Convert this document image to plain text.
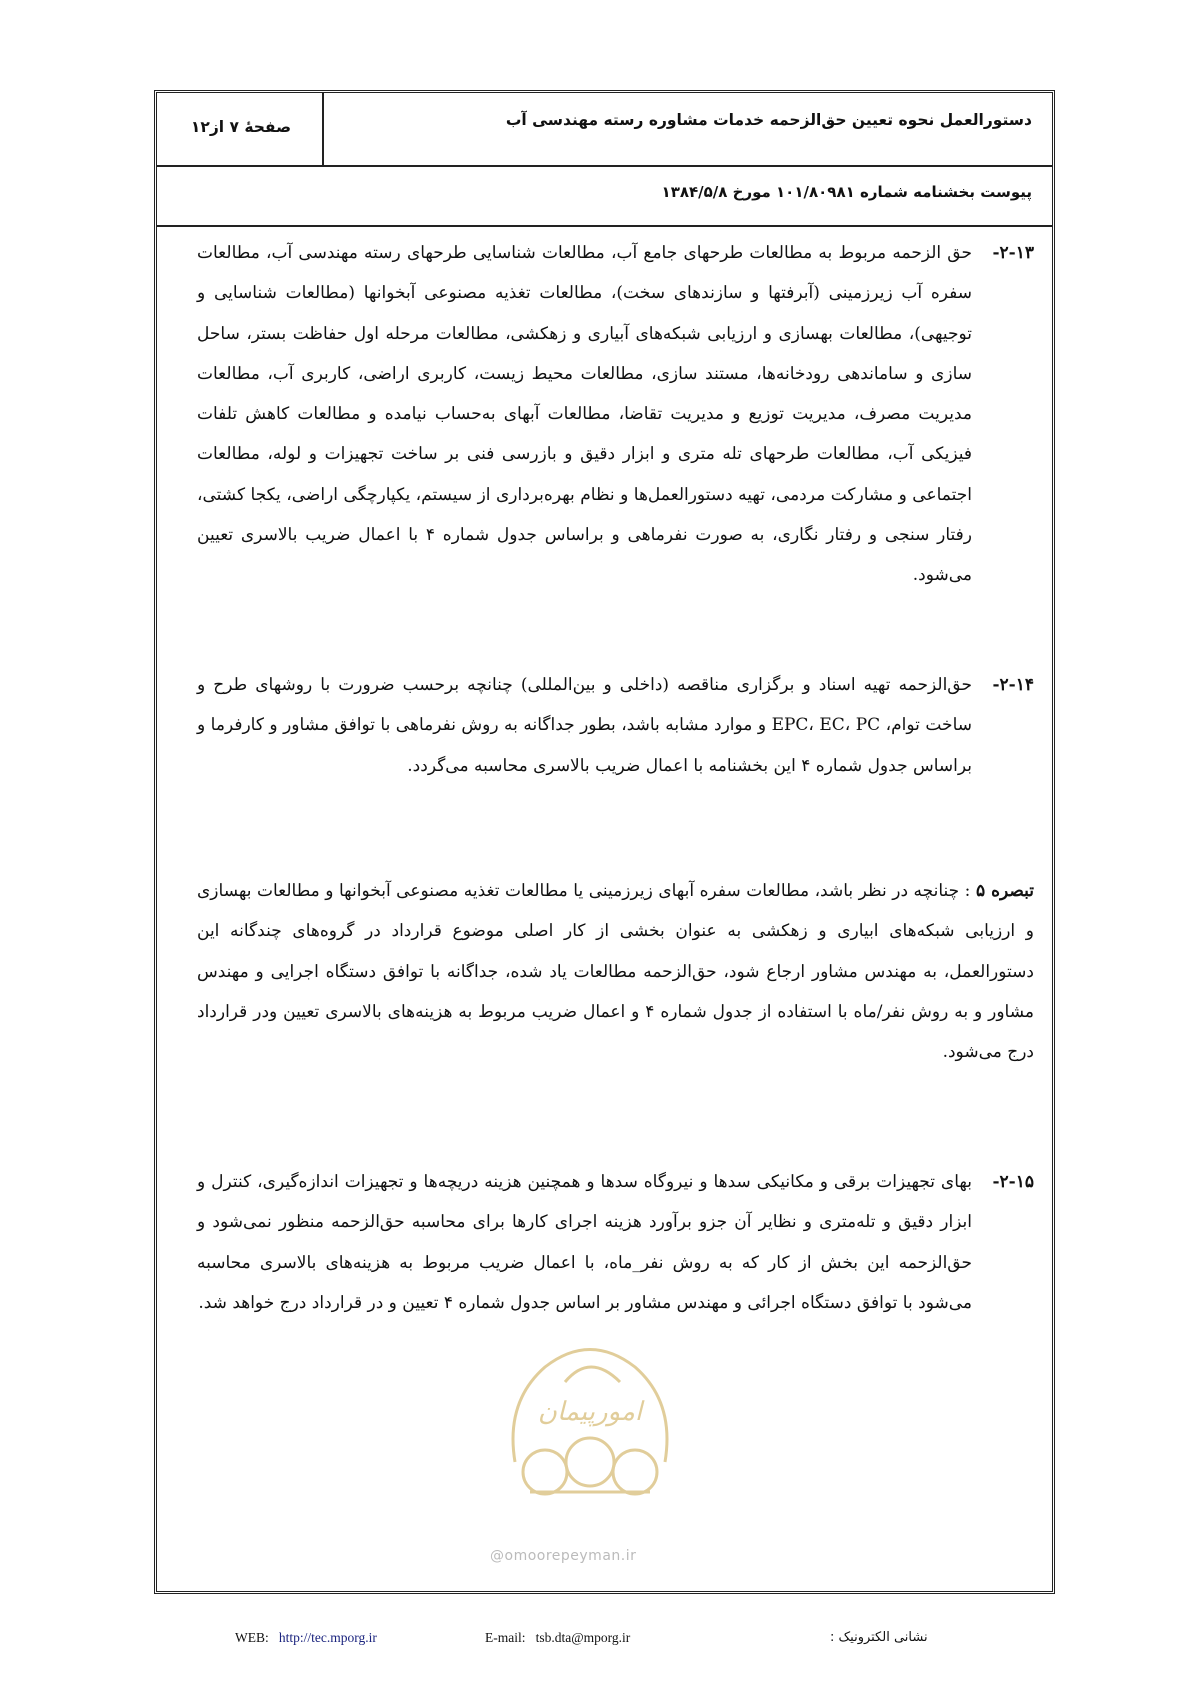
دستورالعمل نحوه تعیین حق‌الزحمه خدمات مشاوره رسته مهندسی آب
صفحهٔ ۷ از۱۲
پیوست بخشنامه شماره ۱۰۱/۸۰۹۸۱ مورخ ۱۳۸۴/۵/۸
۲-۱۳-
حق الزحمه مربوط به مطالعات طرحهای جامع آب، مطالعات شناسایی طرحهای رسته مهندسی آب، مطالعات سفره آب زیرزمینی (آبرفتها و سازندهای سخت)، مطالعات تغذیه مصنوعی آبخوانها (مطالعات شناسایی و توجیهی)، مطالعات بهسازی و ارزیابی شبکه‌های آبیاری و زهکشی، مطالعات مرحله اول حفاظت بستر، ساحل سازی و ساماندهی رودخانه‌ها، مستند سازی، مطالعات محیط زیست، کاربری اراضی، کاربری آب، مطالعات مدیریت مصرف، مدیریت توزیع و مدیریت تقاضا، مطالعات آبهای به‌حساب نیامده و مطالعات کاهش تلفات فیزیکی آب، مطالعات طرحهای تله متری و ابزار دقیق و بازرسی فنی بر ساخت تجهیزات و لوله، مطالعات اجتماعی و مشارکت مردمی، تهیه دستورالعمل‌ها و نظام بهره‌برداری از سیستم، یکپارچگی اراضی، یکجا کشتی، رفتار سنجی و رفتار نگاری، به صورت نفرماهی و براساس جدول شماره ۴ با اعمال ضریب بالاسری تعیین می‌شود.
۲-۱۴-
حق‌الزحمه تهیه اسناد و برگزاری مناقصه (داخلی و بین‌المللی) چنانچه برحسب ضرورت با روشهای طرح و ساخت توام، EPC، EC، PC و موارد مشابه باشد، بطور جداگانه به روش نفرماهی با توافق مشاور و کارفرما و براساس جدول شماره ۴ این بخشنامه با اعمال ضریب بالاسری محاسبه می‌گردد.
تبصره ۵ : چنانچه در نظر باشد، مطالعات سفره آبهای زیرزمینی یا مطالعات تغذیه مصنوعی آبخوانها و مطالعات بهسازی و ارزیابی شبکه‌های ابیاری و زهکشی به عنوان بخشی از کار اصلی موضوع قرارداد در گروه‌های چندگانه این دستورالعمل، به مهندس مشاور ارجاع شود، حق‌الزحمه مطالعات یاد شده، جداگانه با توافق دستگاه اجرایی و مهندس مشاور و به روش نفر/ماه با استفاده از جدول شماره ۴ و اعمال ضریب مربوط به هزینه‌های بالاسری تعیین ودر قرارداد درج می‌شود.
۲-۱۵-
بهای تجهیزات برقی و مکانیکی سدها و نیروگاه سدها و همچنین هزینه دریچه‌ها و تجهیزات اندازه‌گیری، کنترل و ابزار دقیق و تله‌متری و نظایر آن جزو برآورد هزینه اجرای کارها برای محاسبه حق‌الزحمه منظور نمی‌شود و حق‌الزحمه این بخش از کار که به روش نفر_ماه، با اعمال ضریب مربوط به هزینه‌های بالاسری محاسبه می‌شود با توافق دستگاه اجرائی و مهندس مشاور بر اساس جدول شماره ۴ تعیین و در قرارداد درج خواهد شد.
امورپیمان
@omoorepeyman.ir
WEB: http://tec.mporg.ir	E-mail: tsb.dta@mporg.ir	نشانی الکترونیک :
